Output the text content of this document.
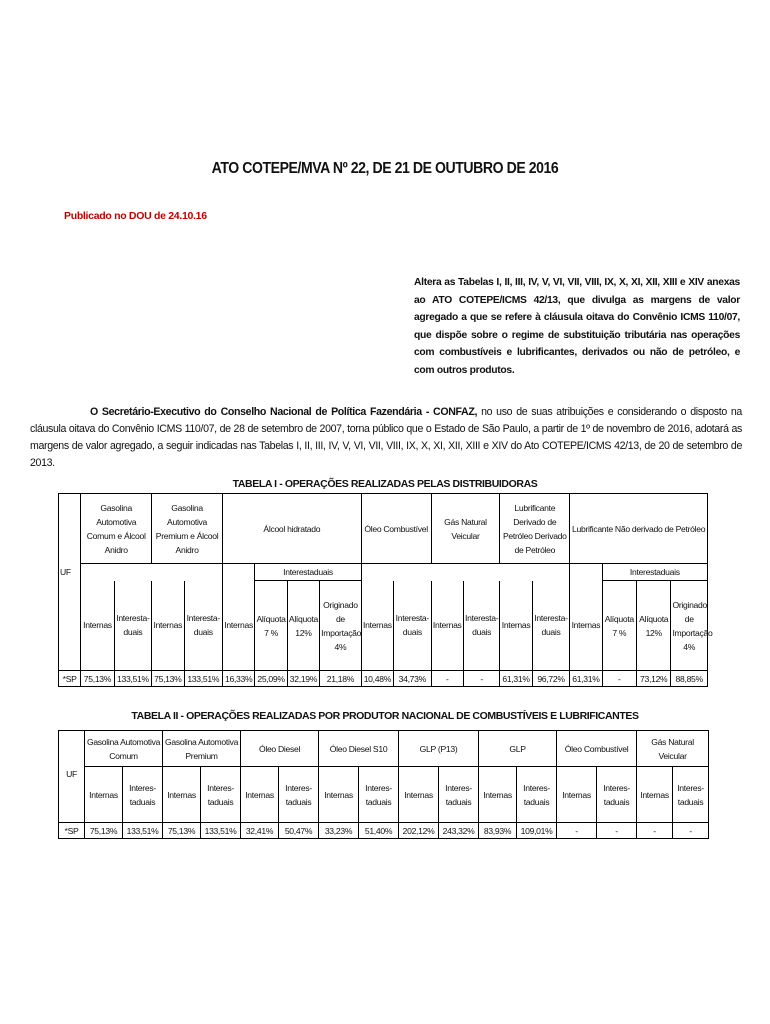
ATO COTEPE/MVA Nº 22, DE 21 DE OUTUBRO DE 2016
Publicado no DOU de 24.10.16
Altera as Tabelas I, II, III, IV, V, VI, VII, VIII, IX, X, XI, XII, XIII e XIV anexas ao ATO COTEPE/ICMS 42/13, que divulga as margens de valor agregado a que se refere à cláusula oitava do Convênio ICMS 110/07, que dispõe sobre o regime de substituição tributária nas operações com combustíveis e lubrificantes, derivados ou não de petróleo, e com outros produtos.
O Secretário-Executivo do Conselho Nacional de Política Fazendária - CONFAZ, no uso de suas atribuições e considerando o disposto na cláusula oitava do Convênio ICMS 110/07, de 28 de setembro de 2007, torna público que o Estado de São Paulo, a partir de 1º de novembro de 2016, adotará as margens de valor agregado, a seguir indicadas nas Tabelas I, II, III, IV, V, VI, VII, VIII, IX, X, XI, XII, XIII e XIV do Ato COTEPE/ICMS 42/13, de 20 de setembro de 2013.
TABELA I - OPERAÇÕES REALIZADAS PELAS DISTRIBUIDORAS
	Gasolina Automotiva Comum e Álcool Anidro		Gasolina Automotiva Premium e Álcool Anidro		Álcool hidratado				Óleo Combustível		Gás Natural Veicular		Lubrificante Derivado de Petróleo Derivado de Petróleo		Lubrificante Não derivado de Petróleo			
UF						Interestaduais										Interestaduais		
	Internas	Interesta-duais	Internas	Interesta-duais	Internas	Alíquota 7 %	Alíquota 12%	Originado de Importação 4%	Internas	Interesta-duais	Internas	Interesta-duais	Internas	Interesta-duais	Internas	Alíquota 7 %	Alíquota 12%	Originado de Importação 4%
*SP	75,13%	133,51%	75,13%	133,51%	16,33%	25,09%	32,19%	21,18%	10,48%	34,73%	-	-	61,31%	96,72%	61,31%	-	73,12%	88,85%
TABELA II - OPERAÇÕES REALIZADAS POR PRODUTOR NACIONAL DE COMBUSTÍVEIS E LUBRIFICANTES
	Gasolina Automotiva Comum		Gasolina Automotiva Premium		Óleo Diesel		Óleo Diesel S10		GLP (P13)		GLP		Óleo Combustível		Gás Natural Veicular	
UF	Internas	Interes-taduais	Internas	Interes-taduais	Internas	Interes-taduais	Internas	Interes-taduais	Internas	Interes-taduais	Internas	Interes-taduais	Internas	Interes-taduais	Internas	Interes-taduais
*SP	75,13%	133,51%	75,13%	133,51%	32,41%	50,47%	33,23%	51,40%	202,12%	243,32%	83,93%	109,01%	-	-	-	-
